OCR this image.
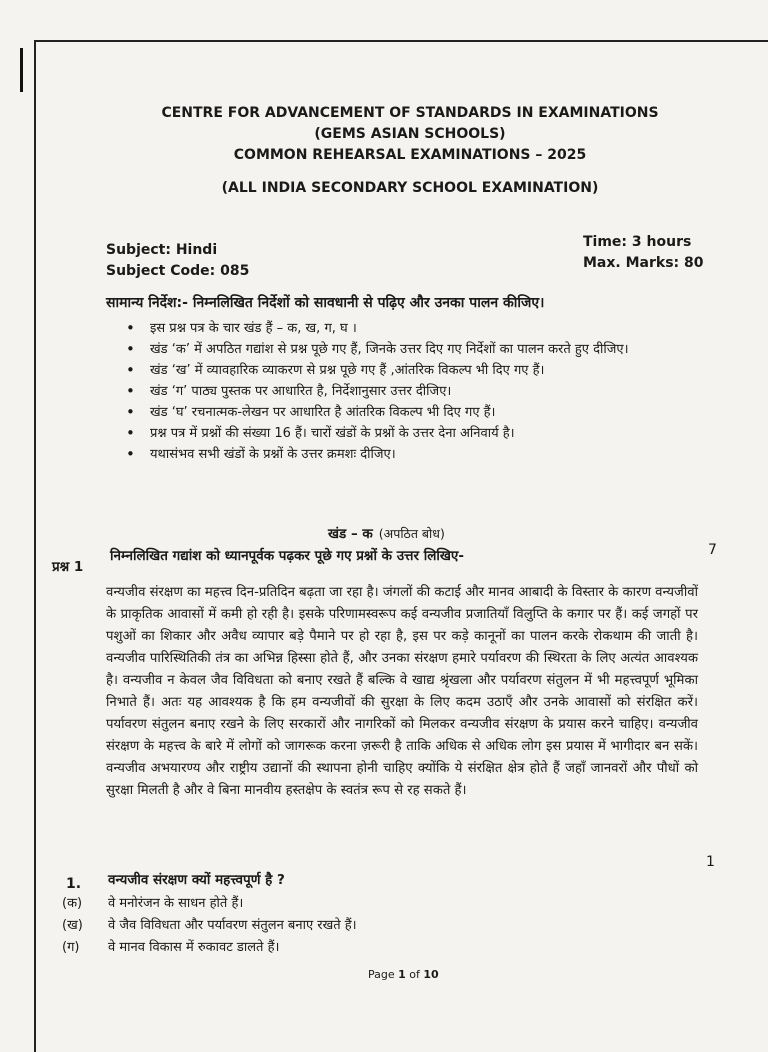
CENTRE FOR ADVANCEMENT OF STANDARDS IN EXAMINATIONS
(GEMS ASIAN SCHOOLS)
COMMON REHEARSAL EXAMINATIONS – 2025
(ALL INDIA SECONDARY SCHOOL EXAMINATION)
Subject: Hindi
Subject Code: 085
Time: 3 hours
Max. Marks: 80
सामान्य निर्देश:- निम्नलिखित निर्देशों को सावधानी से पढ़िए और उनका पालन कीजिए।
• इस प्रश्न पत्र के चार खंड हैं – क, ख, ग, घ ।
• खंड ‘क’ में अपठित गद्यांश से प्रश्न पूछे गए हैं, जिनके उत्तर दिए गए निर्देशों का पालन करते हुए दीजिए।
• खंड ‘ख’ में व्यावहारिक व्याकरण से प्रश्न पूछे गए हैं ,आंतरिक विकल्प भी दिए गए हैं।
• खंड ‘ग’ पाठ्य पुस्तक पर आधारित है, निर्देशानुसार उत्तर दीजिए।
• खंड ‘घ’ रचनात्मक-लेखन पर आधारित है आंतरिक विकल्प भी दिए गए हैं।
• प्रश्न पत्र में प्रश्नों की संख्या 16 हैं। चारों खंडों के प्रश्नों के उत्तर देना अनिवार्य है।
• यथासंभव सभी खंडों के प्रश्नों के उत्तर क्रमशः दीजिए।
खंड – क (अपठित बोध)
प्रश्न 1
निम्नलिखित गद्यांश को ध्यानपूर्वक पढ़कर पूछे गए प्रश्नों के उत्तर लिखिए-	7
वन्यजीव संरक्षण का महत्त्व दिन-प्रतिदिन बढ़ता जा रहा है। जंगलों की कटाई और मानव आबादी के विस्तार के कारण वन्यजीवों के प्राकृतिक आवासों में कमी हो रही है। इसके परिणामस्वरूप कई वन्यजीव प्रजातियाँ विलुप्ति के कगार पर हैं। कई जगहों पर पशुओं का शिकार और अवैध व्यापार बड़े पैमाने पर हो रहा है, इस पर कड़े कानूनों का पालन करके रोकथाम की जाती है। वन्यजीव पारिस्थितिकी तंत्र का अभिन्न हिस्सा होते हैं, और उनका संरक्षण हमारे पर्यावरण की स्थिरता के लिए अत्यंत आवश्यक है। वन्यजीव न केवल जैव विविधता को बनाए रखते हैं बल्कि वे खाद्य श्रृंखला और पर्यावरण संतुलन में भी महत्त्वपूर्ण भूमिका निभाते हैं। अतः यह आवश्यक है कि हम वन्यजीवों की सुरक्षा के लिए कदम उठाएँ और उनके आवासों को संरक्षित करें। पर्यावरण संतुलन बनाए रखने के लिए सरकारों और नागरिकों को मिलकर वन्यजीव संरक्षण के प्रयास करने चाहिए। वन्यजीव संरक्षण के महत्त्व के बारे में लोगों को जागरूक करना ज़रूरी है ताकि अधिक से अधिक लोग इस प्रयास में भागीदार बन सकें। वन्यजीव अभयारण्य और राष्ट्रीय उद्यानों की स्थापना होनी चाहिए क्योंकि ये संरक्षित क्षेत्र होते हैं जहाँ जानवरों और पौधों को सुरक्षा मिलती है और वे बिना मानवीय हस्तक्षेप के स्वतंत्र रूप से रह सकते हैं।
1
1. वन्यजीव संरक्षण क्यों महत्त्वपूर्ण है ?
(क)	वे मनोरंजन के साधन होते हैं।
(ख)	वे जैव विविधता और पर्यावरण संतुलन बनाए रखते हैं।
(ग)	वे मानव विकास में रुकावट डालते हैं।
Page 1 of 10
